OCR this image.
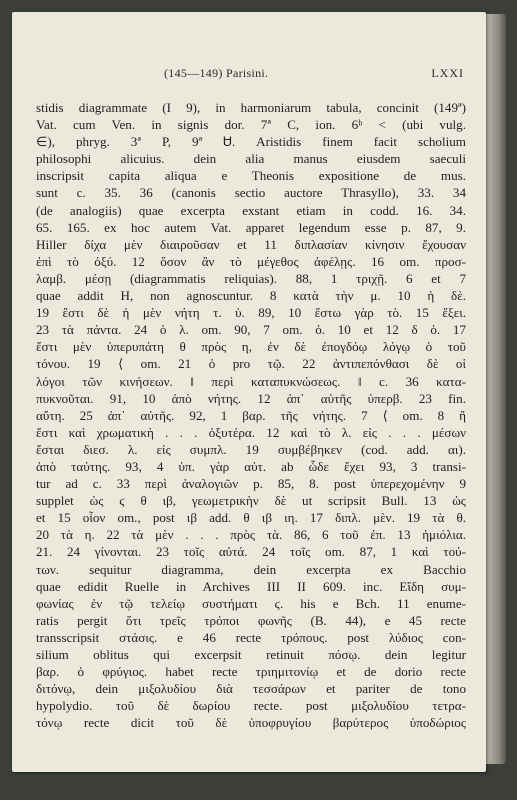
(145—149) Parisini.	LXXI
stidis diagrammate (I 9), in harmoniarum tabula, concinit (149ª)
Vat. cum Ven. in signis dor. 7ª C, ion. 6ᵇ < (ubi vulg.
∈), phryg. 3ª P, 9ª Ꮜ. Aristidis finem facit scholium
philosophi alicuius. dein alia manus eiusdem saeculi
inscripsit capita aliqua e Theonis expositione de mus.
sunt c. 35. 36 (canonis sectio auctore Thrasyllo), 33. 34
(de analogiis) quae excerpta exstant etiam in codd. 16. 34.
65. 165. ex hoc autem Vat. apparet legendum esse p. 87, 9.
Hiller δίχα μὲν διαιροῦσαν et 11 διπλασίαν κίνησιν ἔχουσαν
ἐπὶ τὸ ὀξύ. 12 ὅσον ἂν τὸ μέγεθος ἀφέλῃς. 16 om. προσ-
λαμβ. μέσῃ (diagrammatis reliquias). 88, 1 τριχῇ. 6 et 7
quae addit H, non agnoscuntur. 8 κατὰ τὴν μ. 10 ἡ δὲ.
19 ἔστι δὲ ἡ μὲν νήτη τ. ὑ. 89, 10 ἔστω γὰρ τὸ. 15 ἕξει.
23 τὰ πάντα. 24 ὁ λ. om. 90, 7 om. ὁ. 10 et 12 δ ὁ. 17
ἔστι μὲν ὑπερυπάτη θ πρὸς η, ἐν δὲ ἐπογδόῳ λόγῳ ὁ τοῦ
τόνου. 19 ⟨ om. 21 ὁ pro τῷ. 22 ἀντιπεπόνθασι δὲ οἱ
λόγοι τῶν κινήσεων. ‖ περὶ καταπυκνώσεως. ‖ c. 36 κατα-
πυκνοῦται. 91, 10 ἀπὸ νήτης. 12 ἀπ᾽ αὐτῆς ὑπερβ. 23 fin.
αὕτη. 25 ἀπ᾽ αὐτῆς. 92, 1 βαρ. τῆς νήτης. 7 ⟨ om. 8 ἤ
ἔστι καὶ χρωματικὴ . . . ὀξυτέρα. 12 καὶ τὸ λ. εἰς . . . μέσων
ἔσται διεσ. λ. εἰς συμπλ. 19 συμβέβηκεν (cod. add. αι).
ἀπὸ ταύτης. 93, 4 ὑπ. γὰρ αὐτ. ab ὧδε ἔχει 93, 3 transi-
tur ad c. 33 περὶ ἀναλογιῶν p. 85, 8. post ὑπερεχομένην 9
supplet ὡς ϛ θ ιβ, γεωμετρικὴν δὲ ut scripsit Bull. 13 ὡς
et 15 οἷον om., post ιβ add. θ ιβ ιη. 17 διπλ. μὲν. 19 τὰ θ.
20 τὰ η. 22 τὰ μὲν . . . πρὸς τὰ. 86, 6 τοῦ ἐπ. 13 ἡμιόλια.
21. 24 γίνονται. 23 τοῖς αὐτά. 24 τοῖς om. 87, 1 καὶ τού-
των. sequitur diagramma, dein excerpta ex Bacchio
quae edidit Ruelle in Archives III II 609. inc. Εἴδη συμ-
φωνίας ἐν τῷ τελείῳ συστήματι ϛ. his e Bch. 11 enume-
ratis pergit ὅτι τρεῖς τρόποι φωνῆς (B. 44), e 45 recte
transscripsit στάσις. e 46 recte τρόπους. post λύδιος con-
silium oblitus qui excerpsit retinuit πόσῳ. dein legitur
βαρ. ὁ φρύγιος. habet recte τριημιτονίῳ et de dorio recte
διτόνῳ, dein μιξολυδίου διὰ τεσσάρων et pariter de tono
hypolydio. τοῦ δὲ δωρίου recte. post μιξολυδίου τετρα-
τόνῳ recte dicit τοῦ δὲ ὑποφρυγίου βαρύτερος ὑποδώριος
